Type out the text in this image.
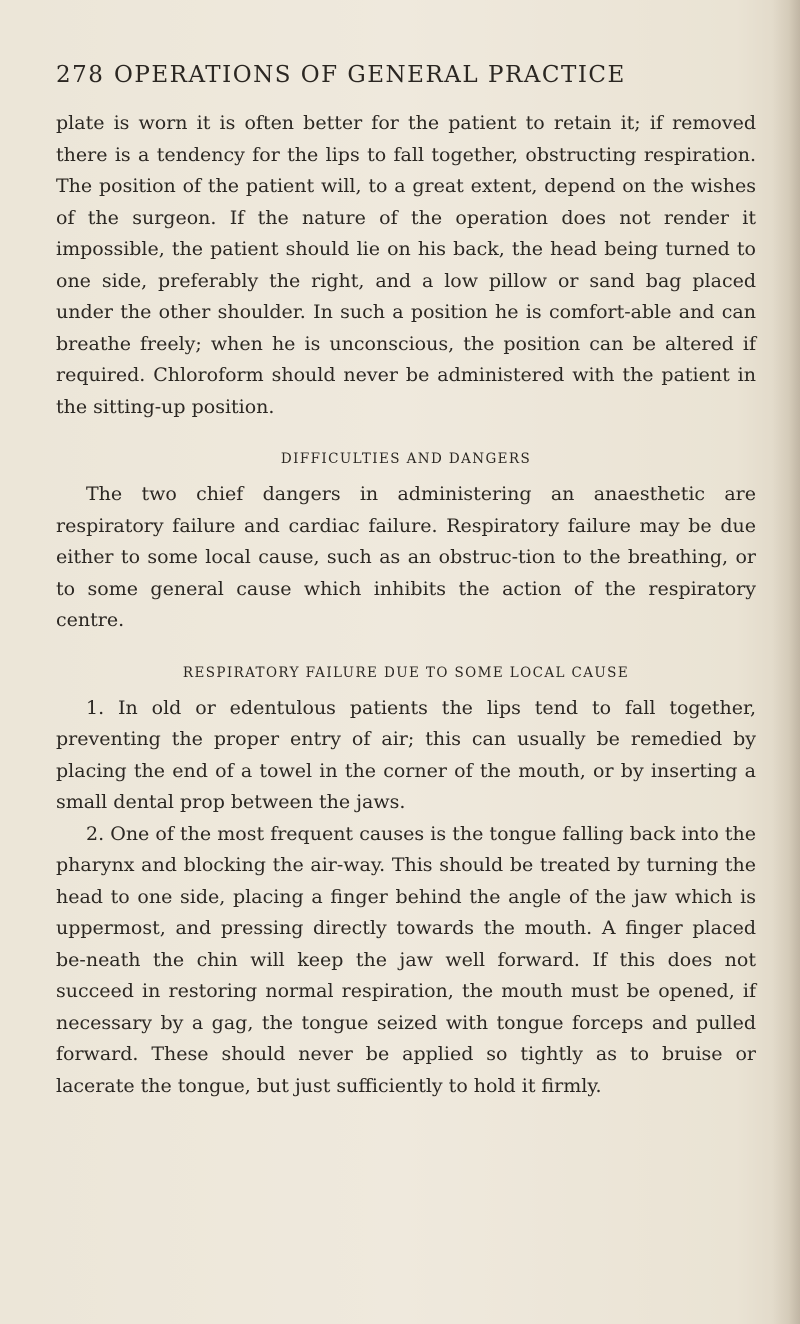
278 OPERATIONS OF GENERAL PRACTICE

plate is worn it is often better for the patient to retain it; if removed there is a tendency for the lips to fall together, obstructing respiration. The position of the patient will, to a great extent, depend on the wishes of the surgeon. If the nature of the operation does not render it impossible, the patient should lie on his back, the head being turned to one side, preferably the right, and a low pillow or sand bag placed under the other shoulder. In such a position he is comfort-able and can breathe freely; when he is unconscious, the position can be altered if required. Chloroform should never be administered with the patient in the sitting-up position.

DIFFICULTIES AND DANGERS

The two chief dangers in administering an anaesthetic are respiratory failure and cardiac failure. Respiratory failure may be due either to some local cause, such as an obstruc-tion to the breathing, or to some general cause which inhibits the action of the respiratory centre.

RESPIRATORY FAILURE DUE TO SOME LOCAL CAUSE

1. In old or edentulous patients the lips tend to fall together, preventing the proper entry of air; this can usually be remedied by placing the end of a towel in the corner of the mouth, or by inserting a small dental prop between the jaws.

2. One of the most frequent causes is the tongue falling back into the pharynx and blocking the air-way. This should be treated by turning the head to one side, placing a finger behind the angle of the jaw which is uppermost, and pressing directly towards the mouth. A finger placed be-neath the chin will keep the jaw well forward. If this does not succeed in restoring normal respiration, the mouth must be opened, if necessary by a gag, the tongue seized with tongue forceps and pulled forward. These should never be applied so tightly as to bruise or lacerate the tongue, but just sufficiently to hold it firmly.
